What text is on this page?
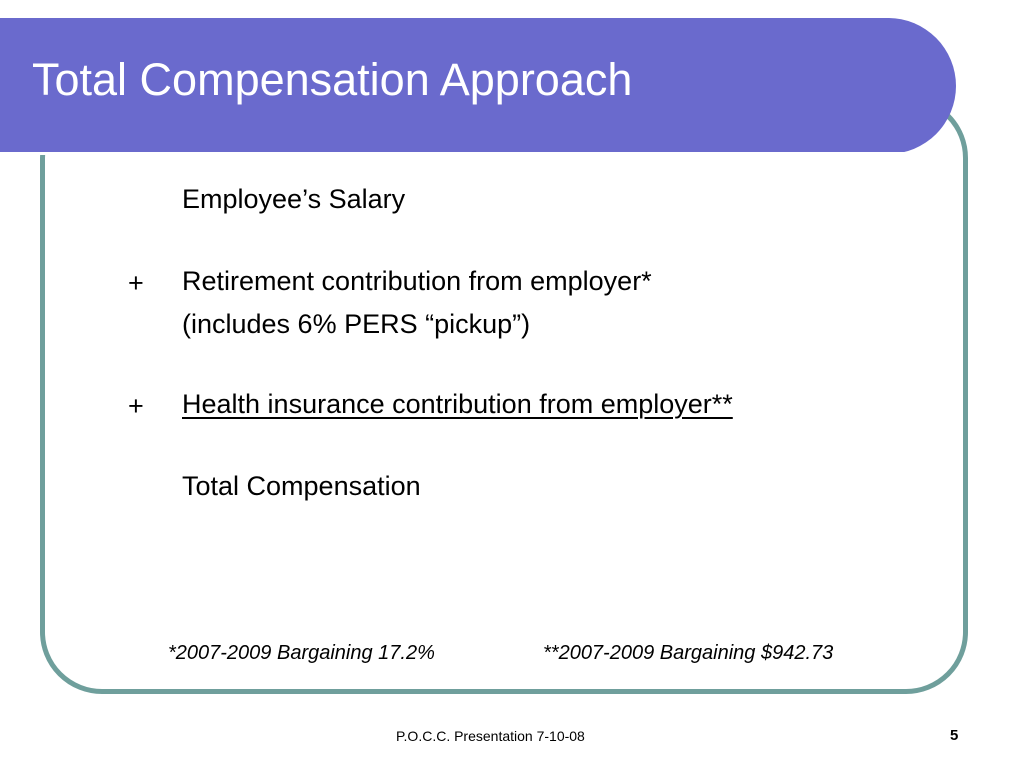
Total Compensation Approach
Employee’s Salary
+ Retirement contribution from employer*
(includes 6% PERS “pickup”)
+ Health insurance contribution from employer**
Total Compensation
*2007-2009 Bargaining 17.2%	**2007-2009 Bargaining $942.73
P.O.C.C. Presentation 7-10-08	5
